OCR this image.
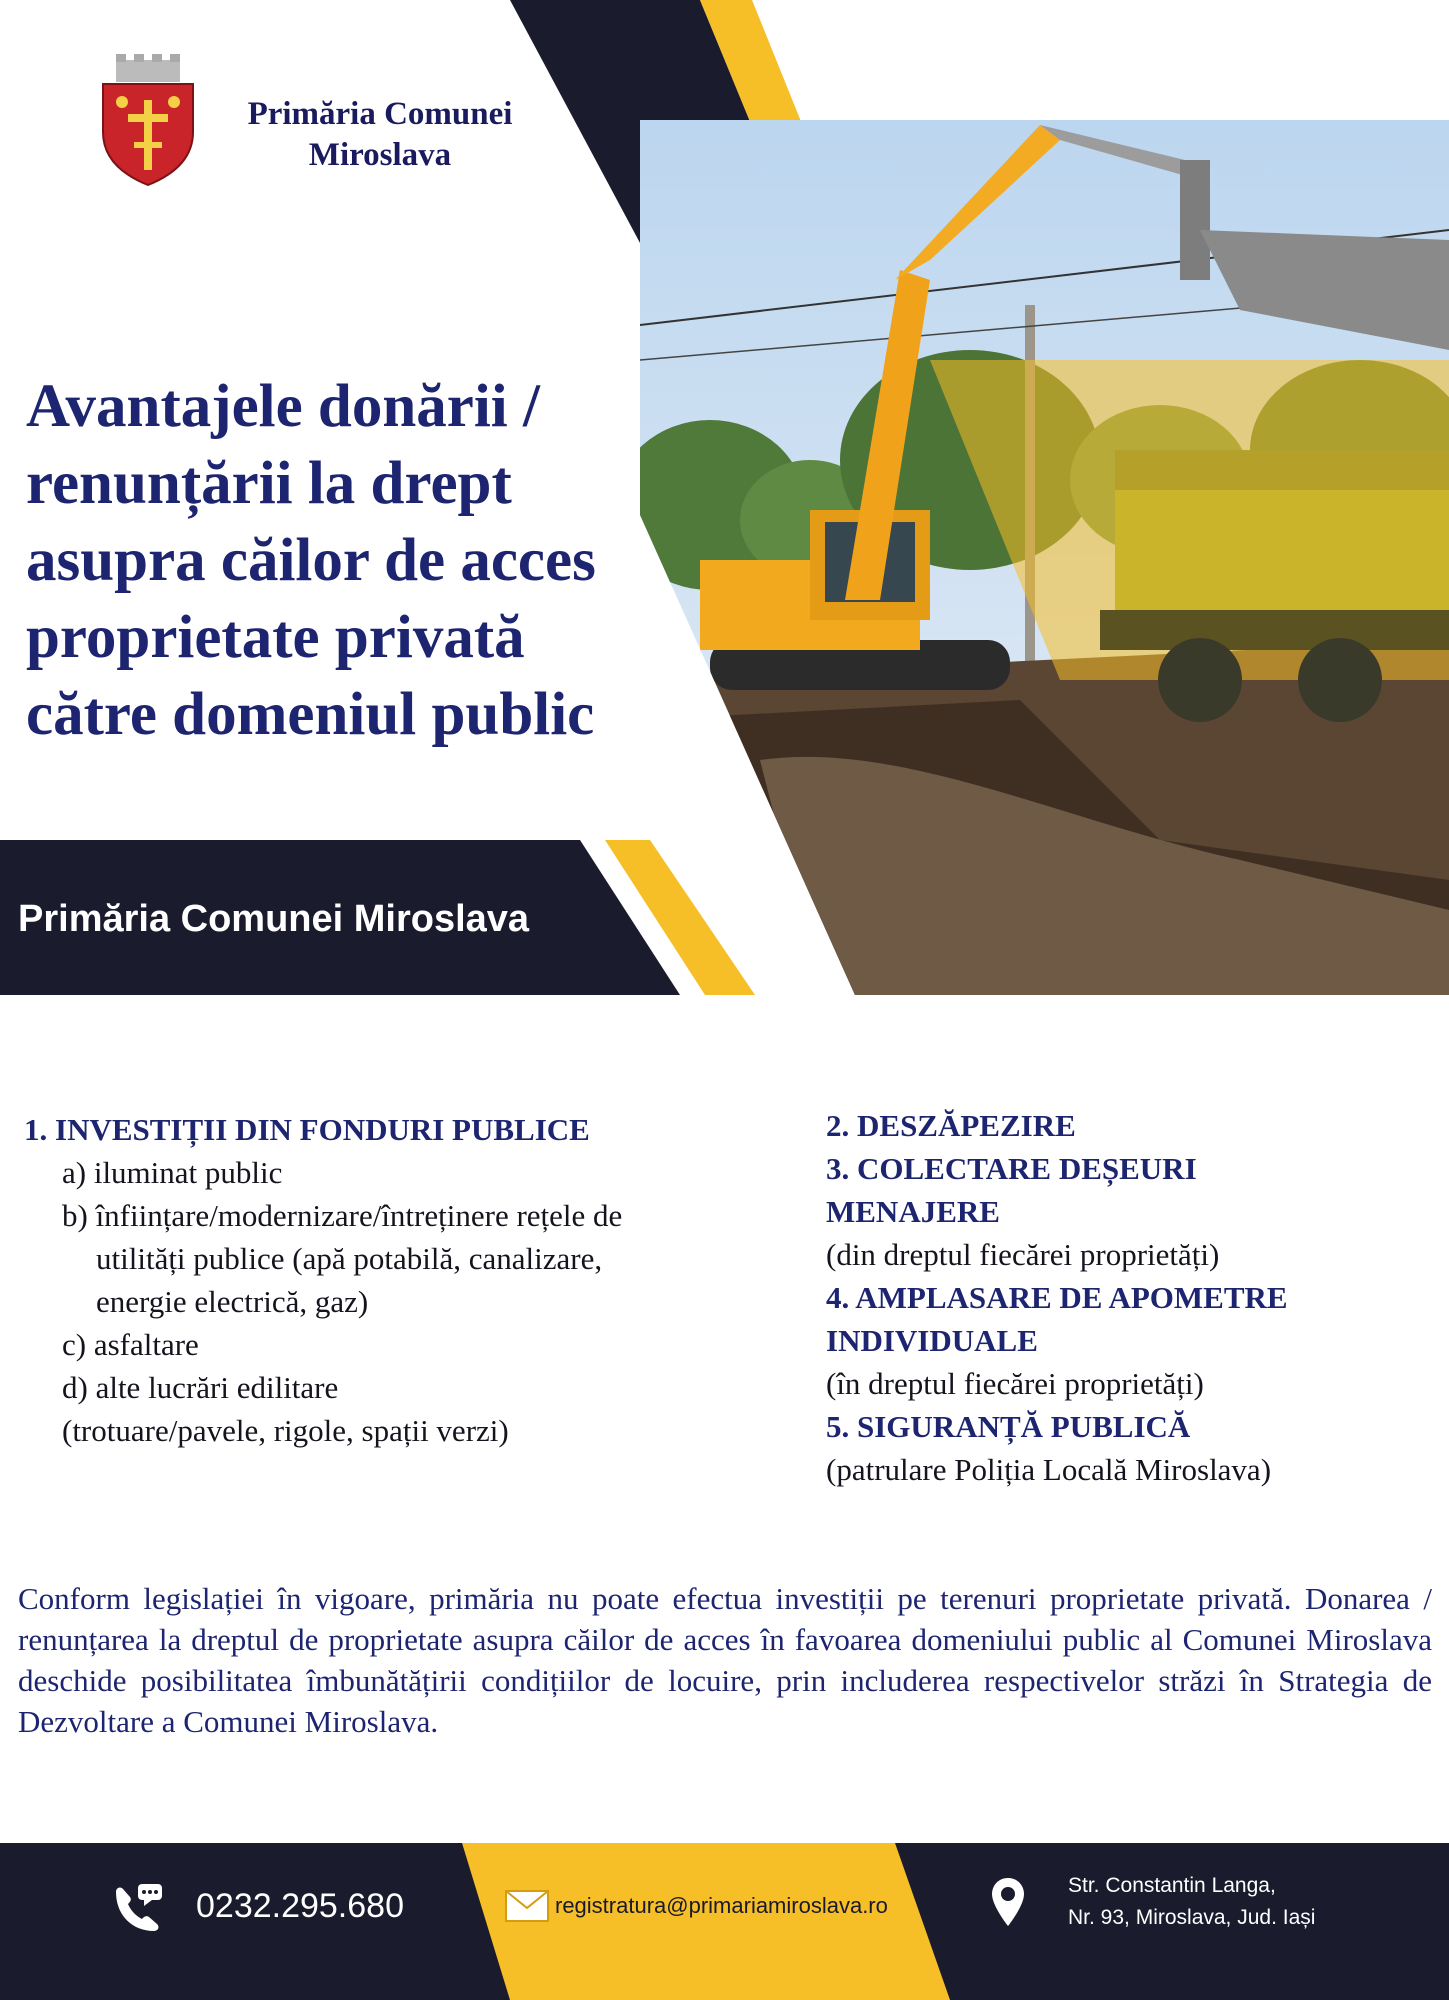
Primăria Comunei
Miroslava
Avantajele donării /
renunțării la drept
asupra căilor de acces
proprietate privată
către domeniul public
Primăria Comunei Miroslava
1. INVESTIȚII DIN FONDURI PUBLICE
a) iluminat public
b) înființare/modernizare/întreținere rețele de
utilități publice (apă potabilă, canalizare,
energie electrică, gaz)
c) asfaltare
d) alte lucrări edilitare
(trotuare/pavele, rigole, spații verzi)
2. DESZĂPEZIRE
3. COLECTARE DEȘEURI
MENAJERE
(din dreptul fiecărei proprietăți)
4. AMPLASARE DE APOMETRE
INDIVIDUALE
(în dreptul fiecărei proprietăți)
5. SIGURANȚĂ PUBLICĂ
(patrulare Poliția Locală Miroslava)
Conform legislației în vigoare, primăria nu poate efectua investiții pe terenuri proprietate privată. Donarea / renunțarea la dreptul de proprietate asupra căilor de acces în favoarea domeniului public al Comunei Miroslava deschide posibilitatea îmbunătățirii condițiilor de locuire, prin includerea respectivelor străzi în Strategia de Dezvoltare a Comunei Miroslava.
0232.295.680	registratura@primariamiroslava.ro
Str. Constantin Langa,
Nr. 93, Miroslava, Jud. Iași
